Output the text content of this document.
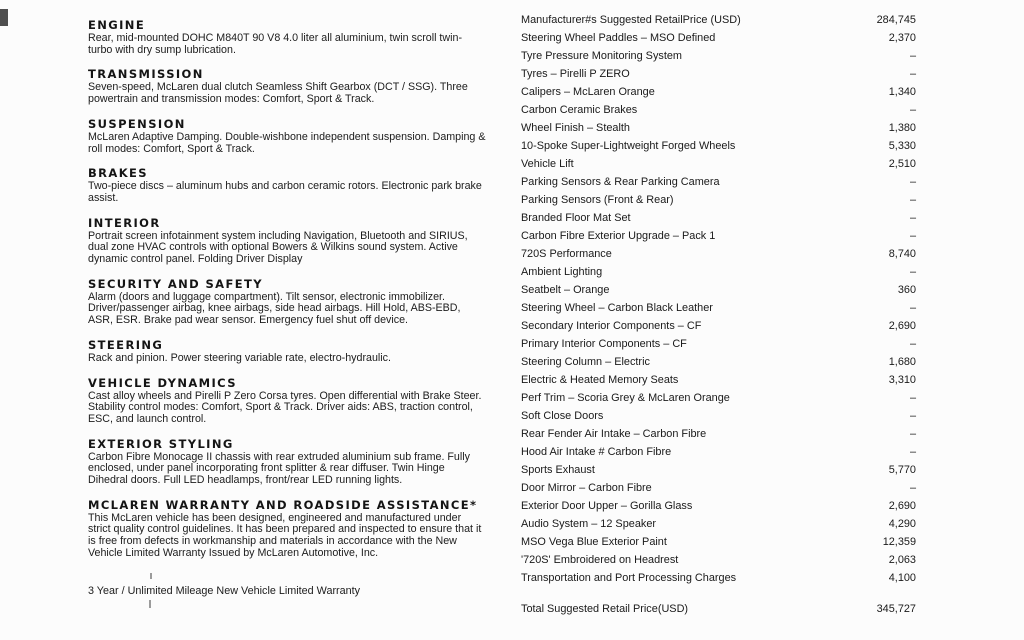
ENGINE

Rear, mid-mounted DOHC M840T 90 V8 4.0 liter all aluminium, twin scroll twin-turbo with dry sump lubrication.

TRANSMISSION

Seven-speed, McLaren dual clutch Seamless Shift Gearbox (DCT / SSG). Three powertrain and transmission modes: Comfort, Sport & Track.

SUSPENSION

McLaren Adaptive Damping. Double-wishbone independent suspension. Damping & roll modes: Comfort, Sport & Track.

BRAKES

Two-piece discs – aluminum hubs and carbon ceramic rotors. Electronic park brake assist.

INTERIOR

Portrait screen infotainment system including Navigation, Bluetooth and SIRIUS, dual zone HVAC controls with optional Bowers & Wilkins sound system. Active dynamic control panel. Folding Driver Display

SECURITY AND SAFETY

Alarm (doors and luggage compartment). Tilt sensor, electronic immobilizer. Driver/passenger airbag, knee airbags, side head airbags. Hill Hold, ABS-EBD, ASR, ESR. Brake pad wear sensor. Emergency fuel shut off device.

STEERING

Rack and pinion. Power steering variable rate, electro-hydraulic.

VEHICLE DYNAMICS

Cast alloy wheels and Pirelli P Zero Corsa tyres. Open differential with Brake Steer. Stability control modes: Comfort, Sport & Track. Driver aids: ABS, traction control, ESC, and launch control.

EXTERIOR STYLING

Carbon Fibre Monocage II chassis with rear extruded aluminium sub frame. Fully enclosed, under panel incorporating front splitter & rear diffuser. Twin Hinge Dihedral doors. Full LED headlamps, front/rear LED running lights.

MCLAREN WARRANTY AND ROADSIDE ASSISTANCE*

This McLaren vehicle has been designed, engineered and manufactured under strict quality control guidelines. It has been prepared and inspected to ensure that it is free from defects in workmanship and materials in accordance with the New Vehicle Limited Warranty Issued by McLaren Automotive, Inc.

3 Year / Unlimited Mileage New Vehicle Limited Warranty
Manufacturer#s Suggested RetailPrice (USD)	284,745
Steering Wheel Paddles – MSO Defined	2,370
Tyre Pressure Monitoring System	–
Tyres – Pirelli P ZERO	–
Calipers – McLaren Orange	1,340
Carbon Ceramic Brakes	–
Wheel Finish – Stealth	1,380
10-Spoke Super-Lightweight Forged Wheels	5,330
Vehicle Lift	2,510
Parking Sensors & Rear Parking Camera	–
Parking Sensors (Front & Rear)	–
Branded Floor Mat Set	–
Carbon Fibre Exterior Upgrade – Pack 1	–
720S Performance	8,740
Ambient Lighting	–
Seatbelt – Orange	360
Steering Wheel – Carbon Black Leather	–
Secondary Interior Components – CF	2,690
Primary Interior Components – CF	–
Steering Column – Electric	1,680
Electric & Heated Memory Seats	3,310
Perf Trim – Scoria Grey & McLaren Orange	–
Soft Close Doors	–
Rear Fender Air Intake – Carbon Fibre	–
Hood Air Intake # Carbon Fibre	–
Sports Exhaust	5,770
Door Mirror – Carbon Fibre	–
Exterior Door Upper – Gorilla Glass	2,690
Audio System – 12 Speaker	4,290
MSO Vega Blue Exterior Paint	12,359
'720S' Embroidered on Headrest	2,063
Transportation and Port Processing Charges	4,100
Total Suggested Retail Price(USD)	345,727
